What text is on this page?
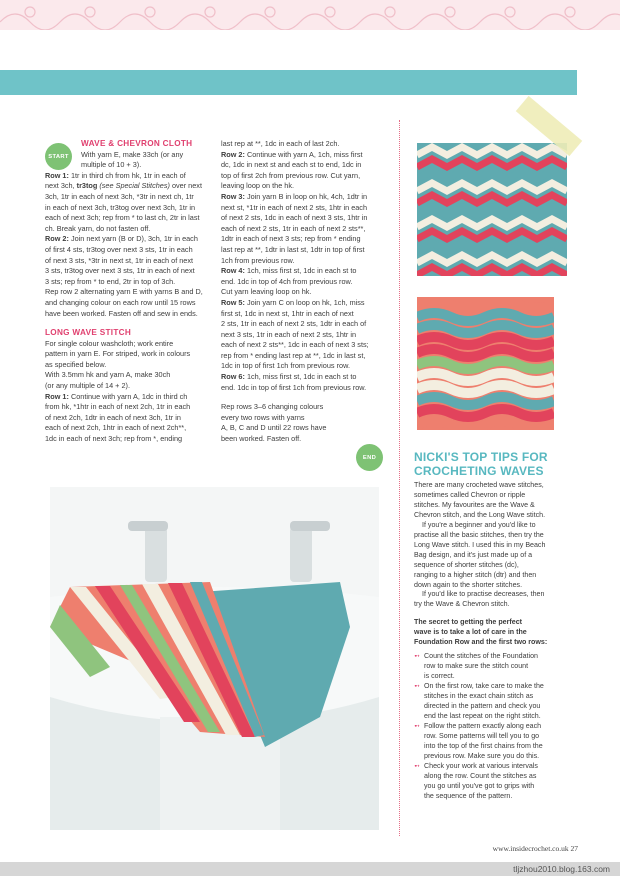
START

WAVE & CHEVRON CLOTH

With yarn E, make 33ch (or any

multiple of 10 + 3).

Row 1: 1tr in third ch from hk, 1tr in each of

next 3ch, tr3tog (see Special Stitches) over next

3ch, 1tr in each of next 3ch, *3tr in next ch, 1tr

in each of next 3ch, tr3tog over next 3ch, 1tr in

each of next 3ch; rep from * to last ch, 2tr in last

ch. Break yarn, do not fasten off.

Row 2: Join next yarn (B or D), 3ch, 1tr in each

of first 4 sts, tr3tog over next 3 sts, 1tr in each

of next 3 sts, *3tr in next st, 1tr in each of next

3 sts, tr3tog over next 3 sts, 1tr in each of next

3 sts; rep from * to end, 2tr in top of 3ch.

Rep row 2 alternating yarn E with yarns B and D,

and changing colour on each row until 15 rows

have been worked. Fasten off and sew in ends.

LONG WAVE STITCH

For single colour washcloth; work entire

pattern in yarn E. For striped, work in colours

as specified below.

With 3.5mm hk and yarn A, make 30ch

(or any multiple of 14 + 2).

Row 1: Continue with yarn A, 1dc in third ch

from hk, *1htr in each of next 2ch, 1tr in each

of next 2ch, 1dtr in each of next 3ch, 1tr in

each of next 2ch, 1htr in each of next 2ch**,

1dc in each of next 3ch; rep from *, ending

last rep at **, 1dc in each of last 2ch.

Row 2: Continue with yarn A, 1ch, miss first

dc, 1dc in next st and each st to end, 1dc in

top of first 2ch from previous row. Cut yarn,

leaving loop on the hk.

Row 3: Join yarn B in loop on hk, 4ch, 1dtr in

next st, *1tr in each of next 2 sts, 1htr in each

of next 2 sts, 1dc in each of next 3 sts, 1htr in

each of next 2 sts, 1tr in each of next 2 sts**,

1dtr in each of next 3 sts; rep from * ending

last rep at **, 1dtr in last st, 1dtr in top of first

1ch from previous row.

Row 4: 1ch, miss first st, 1dc in each st to

end. 1dc in top of 4ch from previous row.

Cut yarn leaving loop on hk.

Row 5: Join yarn C on loop on hk, 1ch, miss

first st, 1dc in next st, 1htr in each of next

2 sts, 1tr in each of next 2 sts, 1dtr in each of

next 3 sts, 1tr in each of next 2 sts, 1htr in

each of next 2 sts**, 1dc in each of next 3 sts;

rep from * ending last rep at **, 1dc in last st,

1dc in top of first 1ch from previous row.

Row 6: 1ch, miss first st, 1dc in each st to

end. 1dc in top of first 1ch from previous row.

Rep rows 3–6 changing colours

every two rows with yarns

A, B, C and D until 22 rows have

been worked. Fasten off.

END	NICKI'S TOP TIPS FOR

CROCHETING WAVES

There are many crocheted wave stitches,

sometimes called Chevron or ripple

stitches. My favourites are the Wave &

Chevron stitch, and the Long Wave stitch.

If you're a beginner and you'd like to

practise all the basic stitches, then try the

Long Wave stitch. I used this in my Beach

Bag design, and it's just made up of a

sequence of shorter stitches (dc),

ranging to a higher stitch (dtr) and then

down again to the shorter stitches.

If you'd like to practise decreases, then

try the Wave & Chevron stitch.

The secret to getting the perfect

wave is to take a lot of care in the

Foundation Row and the first two rows:

➻ Count the stitches of the Foundation

row to make sure the stitch count

is correct.

➻ On the first row, take care to make the

stitches in the exact chain stitch as

directed in the pattern and check you

end the last repeat on the right stitch.

➻ Follow the pattern exactly along each

row. Some patterns will tell you to go

into the top of the first chains from the

previous row. Make sure you do this.

➻ Check your work at various intervals

along the row. Count the stitches as

you go until you've got to grips with

the sequence of the pattern.

www.insidecrochet.co.uk 27
tljzhou2010.blog.163.com
